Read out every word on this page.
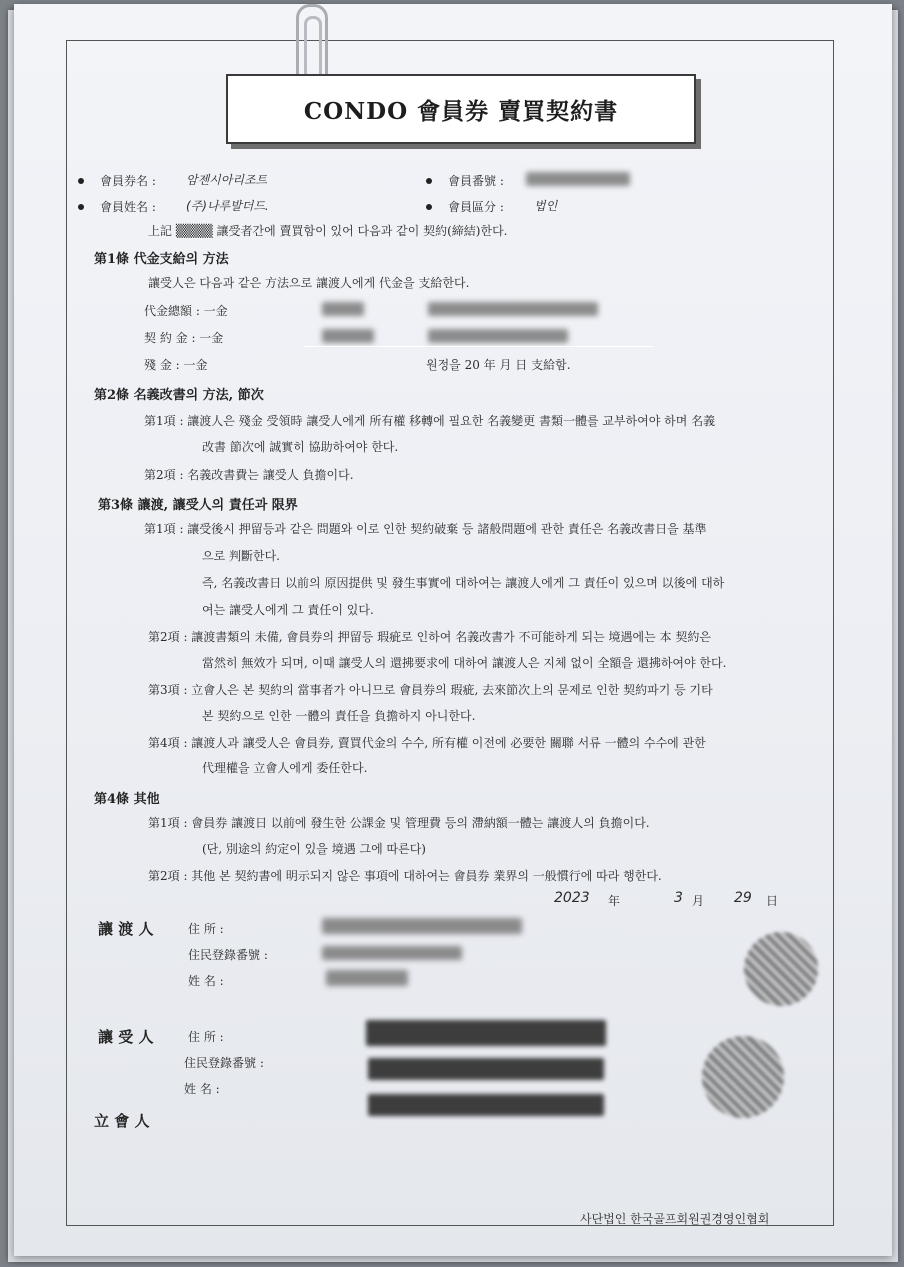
CONDO 會員券 賣買契約書
會員券名 :	암젠시아리조트	會員番號 :
會員姓名 :	(주)나루발더드.	會員區分 :	법인
上記 ▒▒▒▒ 讓受者간에 賣買함이 있어 다음과 같이 契約(締結)한다.
第1條 代金支給의 方法
讓受人은 다음과 같은 方法으로 讓渡人에게 代金을 支給한다.
代金總額 : 一金
契 約 金 : 一金
殘 金 : 一金	원정을 20 年 月 日 支給함.
第2條 名義改書의 方法, 節次
第1項 : 讓渡人은 殘金 受領時 讓受人에게 所有權 移轉에 필요한 名義變更 書類一體를 교부하여야 하며 名義
改書 節次에 誠實히 協助하여야 한다.
第2項 : 名義改書費는 讓受人 負擔이다.
第3條 讓渡, 讓受人의 責任과 限界
第1項 : 讓受後시 押留등과 같은 問題와 이로 인한 契約破棄 등 諸般問題에 관한 責任은 名義改書日을 基準
으로 判斷한다.
즉, 名義改書日 以前의 原因提供 및 發生事實에 대하여는 讓渡人에게 그 責任이 있으며 以後에 대하
여는 讓受人에게 그 責任이 있다.
第2項 : 讓渡書類의 未備, 會員券의 押留등 瑕疵로 인하여 名義改書가 不可能하게 되는 境遇에는 本 契約은
當然히 無效가 되며, 이때 讓受人의 還拂要求에 대하여 讓渡人은 지체 없이 全額을 還拂하여야 한다.
第3項 : 立會人은 본 契約의 當事者가 아니므로 會員券의 瑕疵, 去來節次上의 문제로 인한 契約파기 등 기타
본 契約으로 인한 一體의 責任을 負擔하지 아니한다.
第4項 : 讓渡人과 讓受人은 會員券, 賣買代金의 수수, 所有權 이전에 必要한 關聯 서류 一體의 수수에 관한
代理權을 立會人에게 委任한다.
第4條 其他
第1項 : 會員券 讓渡日 以前에 發生한 公課金 및 管理費 등의 滯納額一體는 讓渡人의 負擔이다.
(단, 別途의 約定이 있을 境遇 그에 따른다)
第2項 : 其他 본 契約書에 明示되지 않은 事項에 대하여는 會員券 業界의 一般慣行에 따라 행한다.
2023 年	3 月 29 日
讓 渡 人	住 所 :
住民登錄番號 :
姓 名 :
讓 受 人	住 所 :
住民登錄番號 :
姓 名 :
立 會 人
사단법인 한국골프회원권경영인협회
